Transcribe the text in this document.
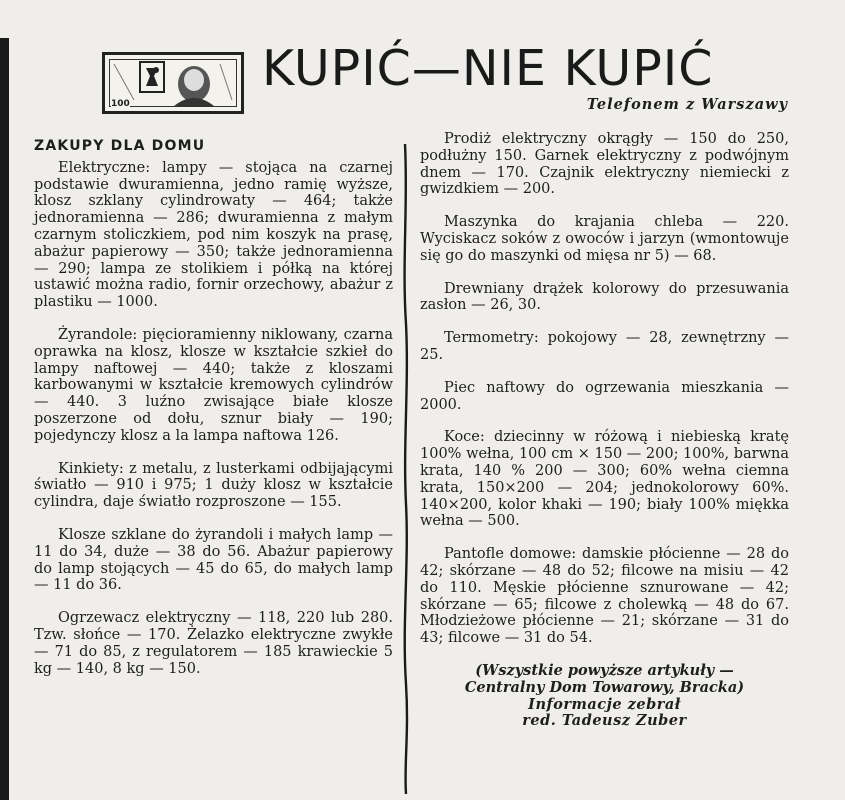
100
KUPIĆ—NIE KUPIĆ
Telefonem z Warszawy
ZAKUPY DLA DOMU

Elektryczne: lampy — stojąca na czarnej podstawie dwuramienna, jedno ramię wyższe, klosz szklany cylindrowaty — 464; także jednoramienna — 286; dwuramienna z małym czarnym stoliczkiem, pod nim koszyk na prasę, abażur papierowy — 350; także jednoramienna — 290; lampa ze stolikiem i półką na której ustawić można radio, fornir orzechowy, abażur z plastiku — 1000.

Żyrandole: pięcioramienny niklowany, czarna oprawka na klosz, klosze w kształcie szkieł do lampy naftowej — 440; także z kloszami karbowanymi w kształcie kremowych cylindrów — 440. 3 luźno zwisające białe klosze poszerzone od dołu, sznur biały — 190; pojedynczy klosz a la lampa naftowa 126.

Kinkiety: z metalu, z lusterkami odbijającymi światło — 910 i 975; 1 duży klosz w kształcie cylindra, daje światło rozproszone — 155.

Klosze szklane do żyrandoli i małych lamp — 11 do 34, duże — 38 do 56. Abażur papierowy do lamp stojących — 45 do 65, do małych lamp — 11 do 36.

Ogrzewacz elektryczny — 118, 220 lub 280. Tzw. słońce — 170. Żelazko elektryczne zwykłe — 71 do 85, z regulatorem — 185 krawieckie 5 kg — 140, 8 kg — 150.

Prodiż elektryczny okrągły — 150 do 250, podłużny 150. Garnek elektryczny z podwójnym dnem — 170. Czajnik elektryczny niemiecki z gwizdkiem — 200.

Maszynka do krajania chleba — 220. Wyciskacz soków z owoców i jarzyn (wmontowuje się go do maszynki od mięsa nr 5) — 68.

Drewniany drążek kolorowy do przesuwania zasłon — 26, 30.

Termometry: pokojowy — 28, zewnętrzny — 25.

Piec naftowy do ogrzewania mieszkania — 2000.

Koce: dziecinny w różową i niebieską kratę 100% wełna, 100 cm × 150 — 200; 100%, barwna krata, 140 % 200 — 300; 60% wełna ciemna krata, 150×200 — 204; jednokolorowy 60%. 140×200, kolor khaki — 190; biały 100% miękka wełna — 500.

Pantofle domowe: damskie płócienne — 28 do 42; skórzane — 48 do 52; filcowe na misiu — 42 do 110. Męskie płócienne sznurowane — 42; skórzane — 65; filcowe z cholewką — 48 do 67. Młodzieżowe płócienne — 21; skórzane — 31 do 43; filcowe — 31 do 54.

(Wszystkie powyższe artykuły —

Centralny Dom Towarowy, Bracka)

Informacje zebrał

red. Tadeusz Zuber
